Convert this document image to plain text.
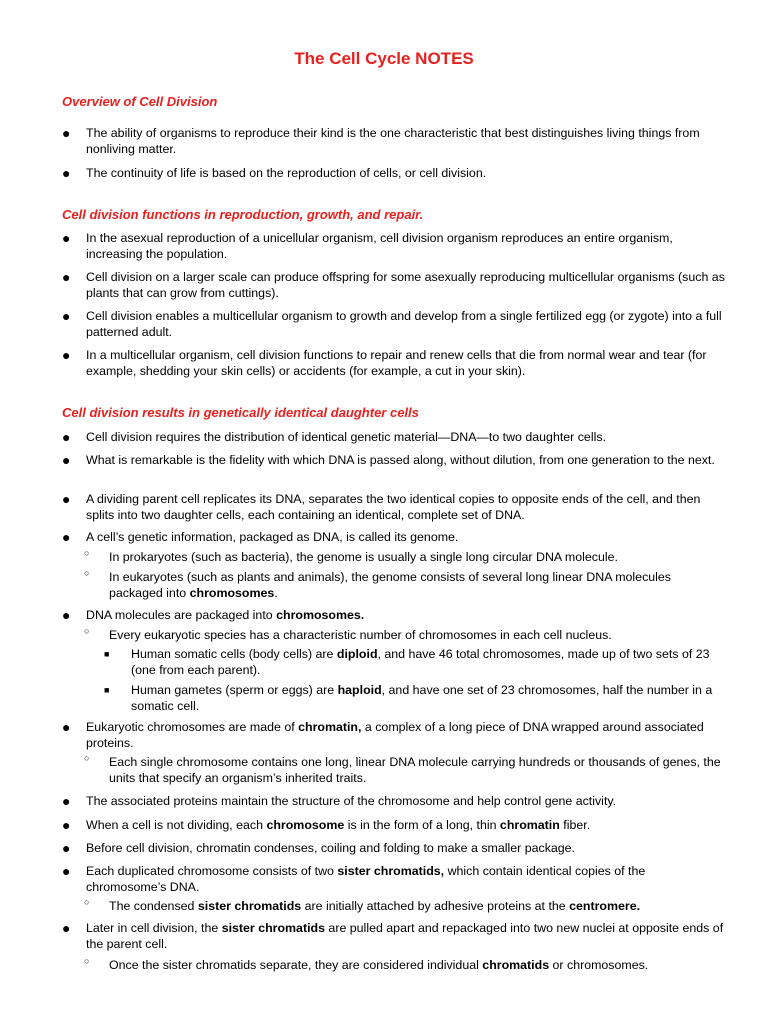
The Cell Cycle NOTES
Overview of Cell Division
● The ability of organisms to reproduce their kind is the one characteristic that best distinguishes living things from nonliving matter.
● The continuity of life is based on the reproduction of cells, or cell division.
Cell division functions in reproduction, growth, and repair.
● In the asexual reproduction of a unicellular organism, cell division organism reproduces an entire organism, increasing the population.
● Cell division on a larger scale can produce offspring for some asexually reproducing multicellular organisms (such as plants that can grow from cuttings).
● Cell division enables a multicellular organism to growth and develop from a single fertilized egg (or zygote) into a full patterned adult.
● In a multicellular organism, cell division functions to repair and renew cells that die from normal wear and tear (for example, shedding your skin cells) or accidents (for example, a cut in your skin).
Cell division results in genetically identical daughter cells
● Cell division requires the distribution of identical genetic material—DNA—to two daughter cells.
● What is remarkable is the fidelity with which DNA is passed along, without dilution, from one generation to the next.
● A dividing parent cell replicates its DNA, separates the two identical copies to opposite ends of the cell, and then splits into two daughter cells, each containing an identical, complete set of DNA.
● A cell’s genetic information, packaged as DNA, is called its genome.
○ In prokaryotes (such as bacteria), the genome is usually a single long circular DNA molecule.
○ In eukaryotes (such as plants and animals), the genome consists of several long linear DNA molecules packaged into chromosomes.
● DNA molecules are packaged into chromosomes.
○ Every eukaryotic species has a characteristic number of chromosomes in each cell nucleus.
■ Human somatic cells (body cells) are diploid, and have 46 total chromosomes, made up of two sets of 23 (one from each parent).
■ Human gametes (sperm or eggs) are haploid, and have one set of 23 chromosomes, half the number in a somatic cell.
● Eukaryotic chromosomes are made of chromatin, a complex of a long piece of DNA wrapped around associated proteins.
○ Each single chromosome contains one long, linear DNA molecule carrying hundreds or thousands of genes, the units that specify an organism’s inherited traits.
● The associated proteins maintain the structure of the chromosome and help control gene activity.
● When a cell is not dividing, each chromosome is in the form of a long, thin chromatin fiber.
● Before cell division, chromatin condenses, coiling and folding to make a smaller package.
● Each duplicated chromosome consists of two sister chromatids, which contain identical copies of the chromosome’s DNA.
○ The condensed sister chromatids are initially attached by adhesive proteins at the centromere.
● Later in cell division, the sister chromatids are pulled apart and repackaged into two new nuclei at opposite ends of the parent cell.
○ Once the sister chromatids separate, they are considered individual chromatids or chromosomes.
